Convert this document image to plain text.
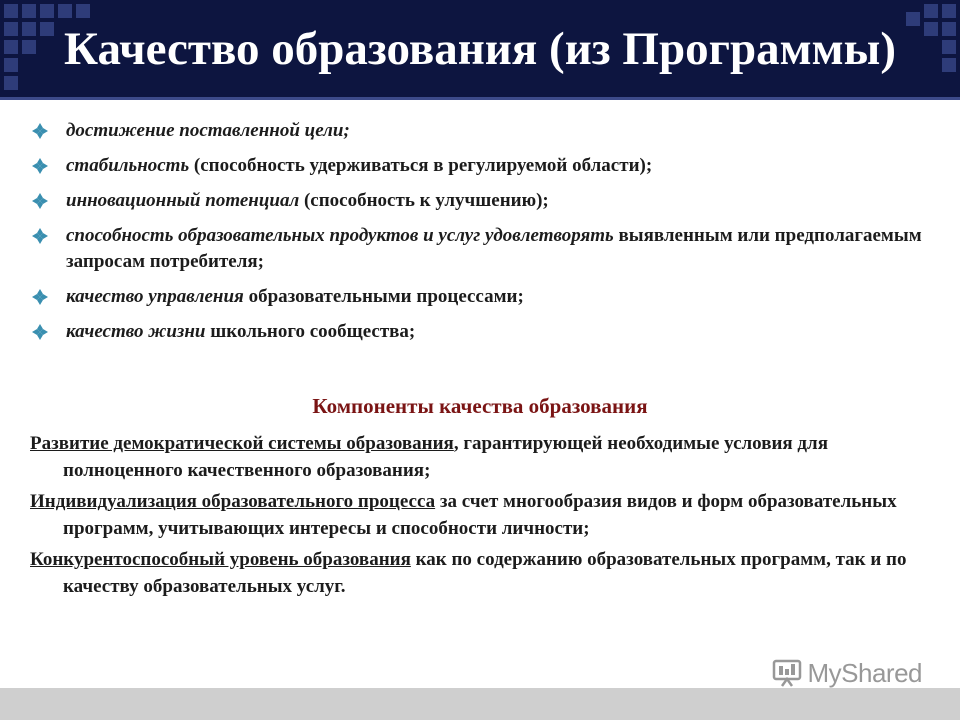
Качество образования (из Программы)
достижение поставленной цели;
стабильность (способность удерживаться в регулируемой области);
инновационный потенциал (способность к улучшению);
способность образовательных продуктов и услуг удовлетворять выявленным или предполагаемым запросам потребителя;
качество управления образовательными процессами;
качество жизни школьного сообщества;
Компоненты качества образования
Развитие демократической системы образования, гарантирующей необходимые условия для полноценного качественного образования;
Индивидуализация образовательного процесса за счет многообразия видов и форм образовательных программ, учитывающих интересы и способности личности;
Конкурентоспособный уровень образования как по содержанию образовательных программ, так и по качеству образовательных услуг.
MyShared
